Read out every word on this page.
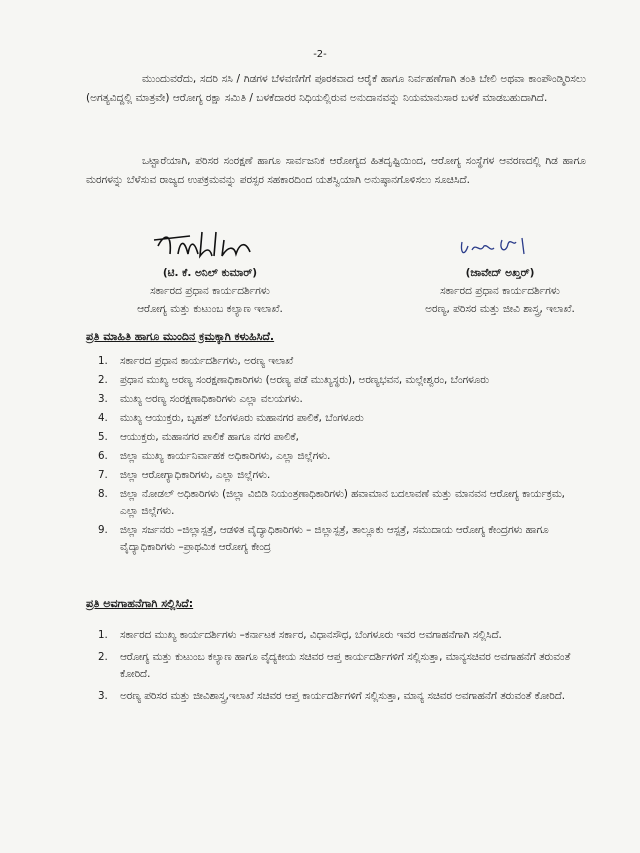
-2-
ಮುಂದುವರೆದು, ಸದರಿ ಸಸಿ / ಗಿಡಗಳ ಬೆಳವಣಿಗೆಗೆ ಪೂರಕವಾದ ಆರೈಕೆ ಹಾಗೂ ನಿರ್ವಹಣೆಗಾಗಿ ತಂತಿ ಬೇಲಿ ಅಥವಾ ಕಾಂಪೌಂಡ್ಮಿರಿಸಲು (ಅಗತ್ಯವಿದ್ದಲ್ಲಿ ಮಾತ್ರವೇ) ಆರೋಗ್ಯ ರಕ್ಷಾ ಸಮಿತಿ / ಬಳಕೆದಾರರ ನಿಧಿಯಲ್ಲಿರುವ ಅನುದಾನವನ್ನು ನಿಯಮಾನುಸಾರ ಬಳಕೆ ಮಾಡಬಹುದಾಗಿದೆ.
ಒಟ್ಟಾರೆಯಾಗಿ, ಪರಿಸರ ಸಂರಕ್ಷಣೆ ಹಾಗೂ ಸಾರ್ವಜನಿಕ ಆರೋಗ್ಯದ ಹಿತದೃಷ್ಟಿಯಿಂದ, ಆರೋಗ್ಯ ಸಂಸ್ಥೆಗಳ ಆವರಣದಲ್ಲಿ ಗಿಡ ಹಾಗೂ ಮರಗಳನ್ನು ಬೆಳೆಸುವ ರಾಜ್ಯದ ಉಪಕ್ರಮವನ್ನು ಪರಸ್ಪರ ಸಹಕಾರದಿಂದ ಯಶಸ್ವಿಯಾಗಿ ಅನುಷ್ಠಾನಗೊಳಿಸಲು ಸೂಚಿಸಿದೆ.
(ಟಿ. ಕೆ. ಅನಿಲ್ ಕುಮಾರ್)
ಸರ್ಕಾರದ ಪ್ರಧಾನ ಕಾರ್ಯದರ್ಶಿಗಳು
ಆರೋಗ್ಯ ಮತ್ತು ಕುಟುಂಬ ಕಲ್ಯಾಣ ಇಲಾಖೆ.
(ಜಾವೇದ್ ಅಖ್ತರ್)
ಸರ್ಕಾರದ ಪ್ರಧಾನ ಕಾರ್ಯದರ್ಶಿಗಳು
ಅರಣ್ಯ, ಪರಿಸರ ಮತ್ತು ಜೀವಿ ಶಾಸ್ತ್ರ, ಇಲಾಖೆ.
ಪ್ರತಿ ಮಾಹಿತಿ ಹಾಗೂ ಮುಂದಿನ ಕ್ರಮಕ್ಕಾಗಿ ಕಳುಹಿಸಿದೆ.
1. ಸರ್ಕಾರದ ಪ್ರಧಾನ ಕಾರ್ಯದರ್ಶಿಗಳು, ಅರಣ್ಯ ಇಲಾಖೆ
2. ಪ್ರಧಾನ ಮುಖ್ಯ ಅರಣ್ಯ ಸಂರಕ್ಷಣಾಧಿಕಾರಿಗಳು (ಅರಣ್ಯ ಪಡೆ ಮುಖ್ಯಸ್ಥರು), ಅರಣ್ಯಭವನ, ಮಲ್ಲೇಶ್ವರಂ, ಬೆಂಗಳೂರು
3. ಮುಖ್ಯ ಅರಣ್ಯ ಸಂರಕ್ಷಣಾಧಿಕಾರಿಗಳು ಎಲ್ಲಾ ವಲಯಗಳು.
4. ಮುಖ್ಯ ಆಯುಕ್ತರು, ಬೃಹತ್ ಬೆಂಗಳೂರು ಮಹಾನಗರ ಪಾಲಿಕೆ, ಬೆಂಗಳೂರು
5. ಆಯುಕ್ತರು, ಮಹಾನಗರ ಪಾಲಿಕೆ ಹಾಗೂ ನಗರ ಪಾಲಿಕೆ,
6. ಜಿಲ್ಲಾ ಮುಖ್ಯ ಕಾರ್ಯನಿರ್ವಾಹಕ ಅಧಿಕಾರಿಗಳು, ಎಲ್ಲಾ ಜಿಲ್ಲೆಗಳು.
7. ಜಿಲ್ಲಾ ಆರೋಗ್ಯಾಧಿಕಾರಿಗಳು, ಎಲ್ಲಾ ಜಿಲ್ಲೆಗಳು.
8. ಜಿಲ್ಲಾ ನೋಡಲ್ ಅಧಿಕಾರಿಗಳು (ಜಿಲ್ಲಾ ವಿಬಿಡಿ ನಿಯಂತ್ರಣಾಧಿಕಾರಿಗಳು) ಹವಾಮಾನ ಬದಲಾವಣೆ ಮತ್ತು ಮಾನವನ ಆರೋಗ್ಯ ಕಾರ್ಯಕ್ರಮ, ಎಲ್ಲಾ ಜಿಲ್ಲೆಗಳು.
9. ಜಿಲ್ಲಾ ಸರ್ಜನರು –ಜಿಲ್ಲಾಸ್ಪತ್ರೆ, ಆಡಳಿತ ವೈದ್ಯಾಧಿಕಾರಿಗಳು – ಜಿಲ್ಲಾಸ್ಪತ್ರೆ, ತಾಲ್ಲೂಕು ಆಸ್ಪತ್ರೆ, ಸಮುದಾಯ ಆರೋಗ್ಯ ಕೇಂದ್ರಗಳು ಹಾಗೂ ವೈದ್ಯಾಧಿಕಾರಿಗಳು –ಪ್ರಾಥಮಿಕ ಆರೋಗ್ಯ ಕೇಂದ್ರ
ಪ್ರತಿ ಅವಗಾಹನೆಗಾಗಿ ಸಲ್ಲಿಸಿದೆ:
1. ಸರ್ಕಾರದ ಮುಖ್ಯ ಕಾರ್ಯದರ್ಶಿಗಳು –ಕರ್ನಾಟಕ ಸರ್ಕಾರ, ವಿಧಾನಸೌಧ, ಬೆಂಗಳೂರು ಇವರ ಅವಗಾಹನೆಗಾಗಿ ಸಲ್ಲಿಸಿದೆ.
2. ಆರೋಗ್ಯ ಮತ್ತು ಕುಟುಂಬ ಕಲ್ಯಾಣ ಹಾಗೂ ವೈದ್ಯಕೀಯ ಸಚಿವರ ಆಪ್ತ ಕಾರ್ಯದರ್ಶಿಗಳಿಗೆ ಸಲ್ಲಿಸುತ್ತಾ, ಮಾನ್ಯಸಚಿವರ ಅವಗಾಹನೆಗೆ ತರುವಂತೆ ಕೋರಿದೆ.
3. ಅರಣ್ಯ ಪರಿಸರ ಮತ್ತು ಜೀವಿಶಾಸ್ತ್ರ,ಇಲಾಖೆ ಸಚಿವರ ಆಪ್ತ ಕಾರ್ಯದರ್ಶಿಗಳಿಗೆ ಸಲ್ಲಿಸುತ್ತಾ, ಮಾನ್ಯ ಸಚಿವರ ಅವಗಾಹನೆಗೆ ತರುವಂತೆ ಕೋರಿದೆ.
